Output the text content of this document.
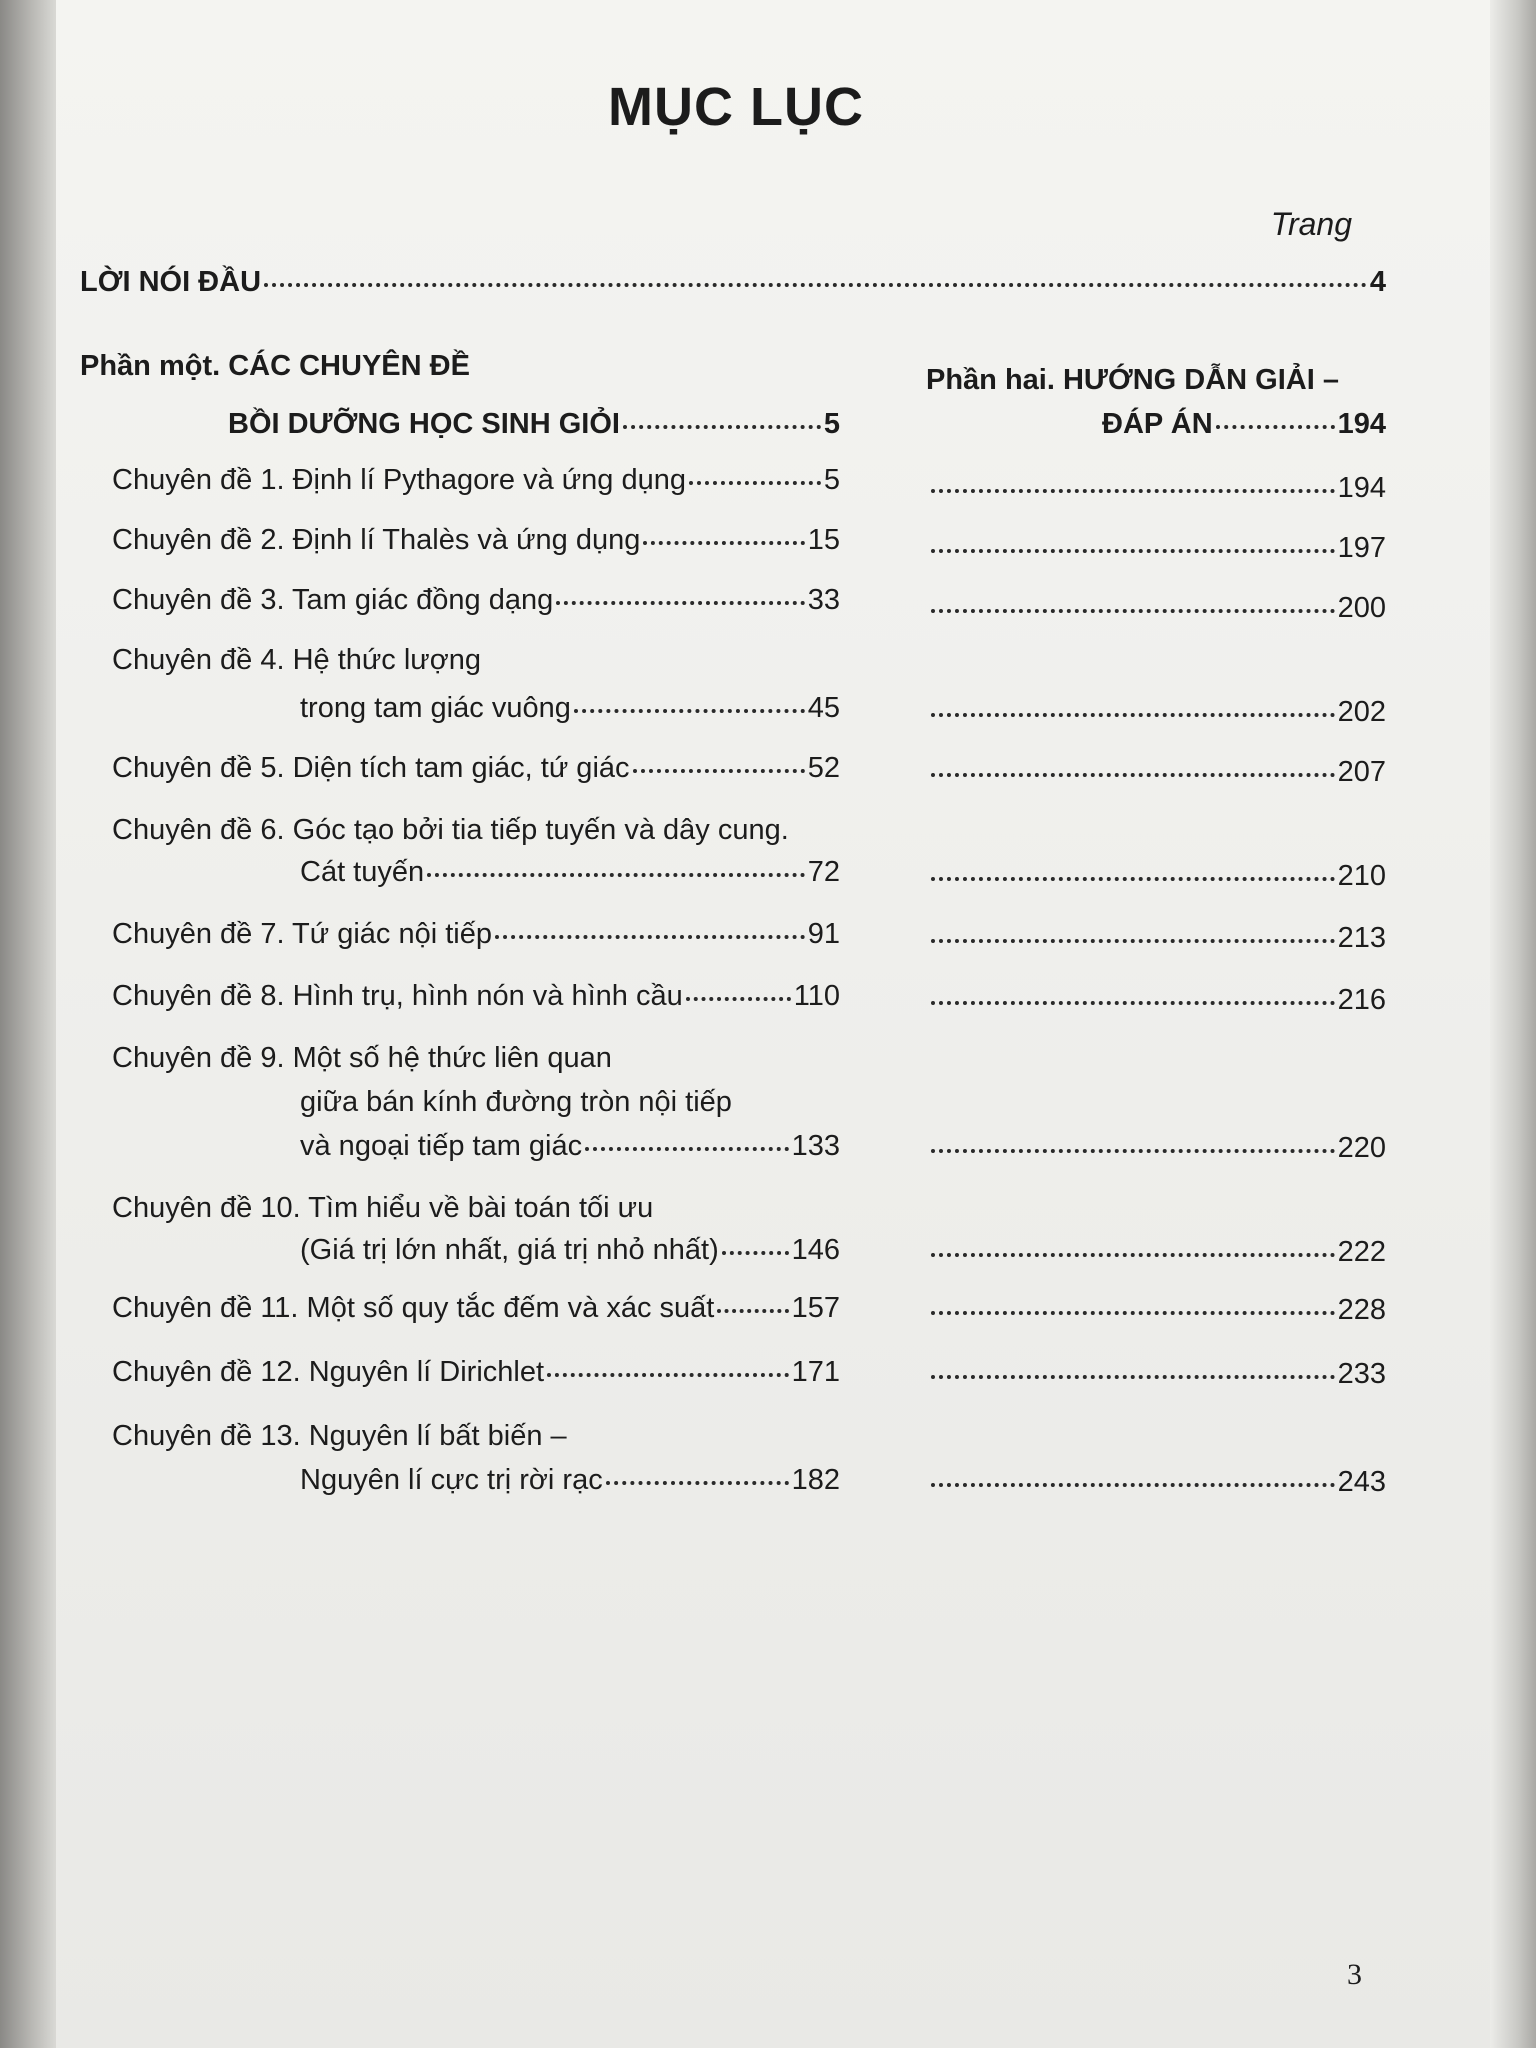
MỤC LỤC
Trang
LỜI NÓI ĐẦU	4
Phần một. CÁC CHUYÊN ĐỀ
BỒI DƯỠNG HỌC SINH GIỎI	5
Phần hai. HƯỚNG DẪN GIẢI –
ĐÁP ÁN	194
Chuyên đề 1. Định lí Pythagore và ứng dụng	5	194
Chuyên đề 2. Định lí Thalès và ứng dụng	15	197
Chuyên đề 3. Tam giác đồng dạng	33	200
Chuyên đề 4. Hệ thức lượng
trong tam giác vuông	45	202
Chuyên đề 5. Diện tích tam giác, tứ giác	52	207
Chuyên đề 6. Góc tạo bởi tia tiếp tuyến và dây cung.
Cát tuyến	72	210
Chuyên đề 7. Tứ giác nội tiếp	91	213
Chuyên đề 8. Hình trụ, hình nón và hình cầu	110	216
Chuyên đề 9. Một số hệ thức liên quan
giữa bán kính đường tròn nội tiếp
và ngoại tiếp tam giác	133	220
Chuyên đề 10. Tìm hiểu về bài toán tối ưu
(Giá trị lớn nhất, giá trị nhỏ nhất)	146	222
Chuyên đề 11. Một số quy tắc đếm và xác suất	157	228
Chuyên đề 12. Nguyên lí Dirichlet	171	233
Chuyên đề 13. Nguyên lí bất biến –
Nguyên lí cực trị rời rạc	182	243
3
